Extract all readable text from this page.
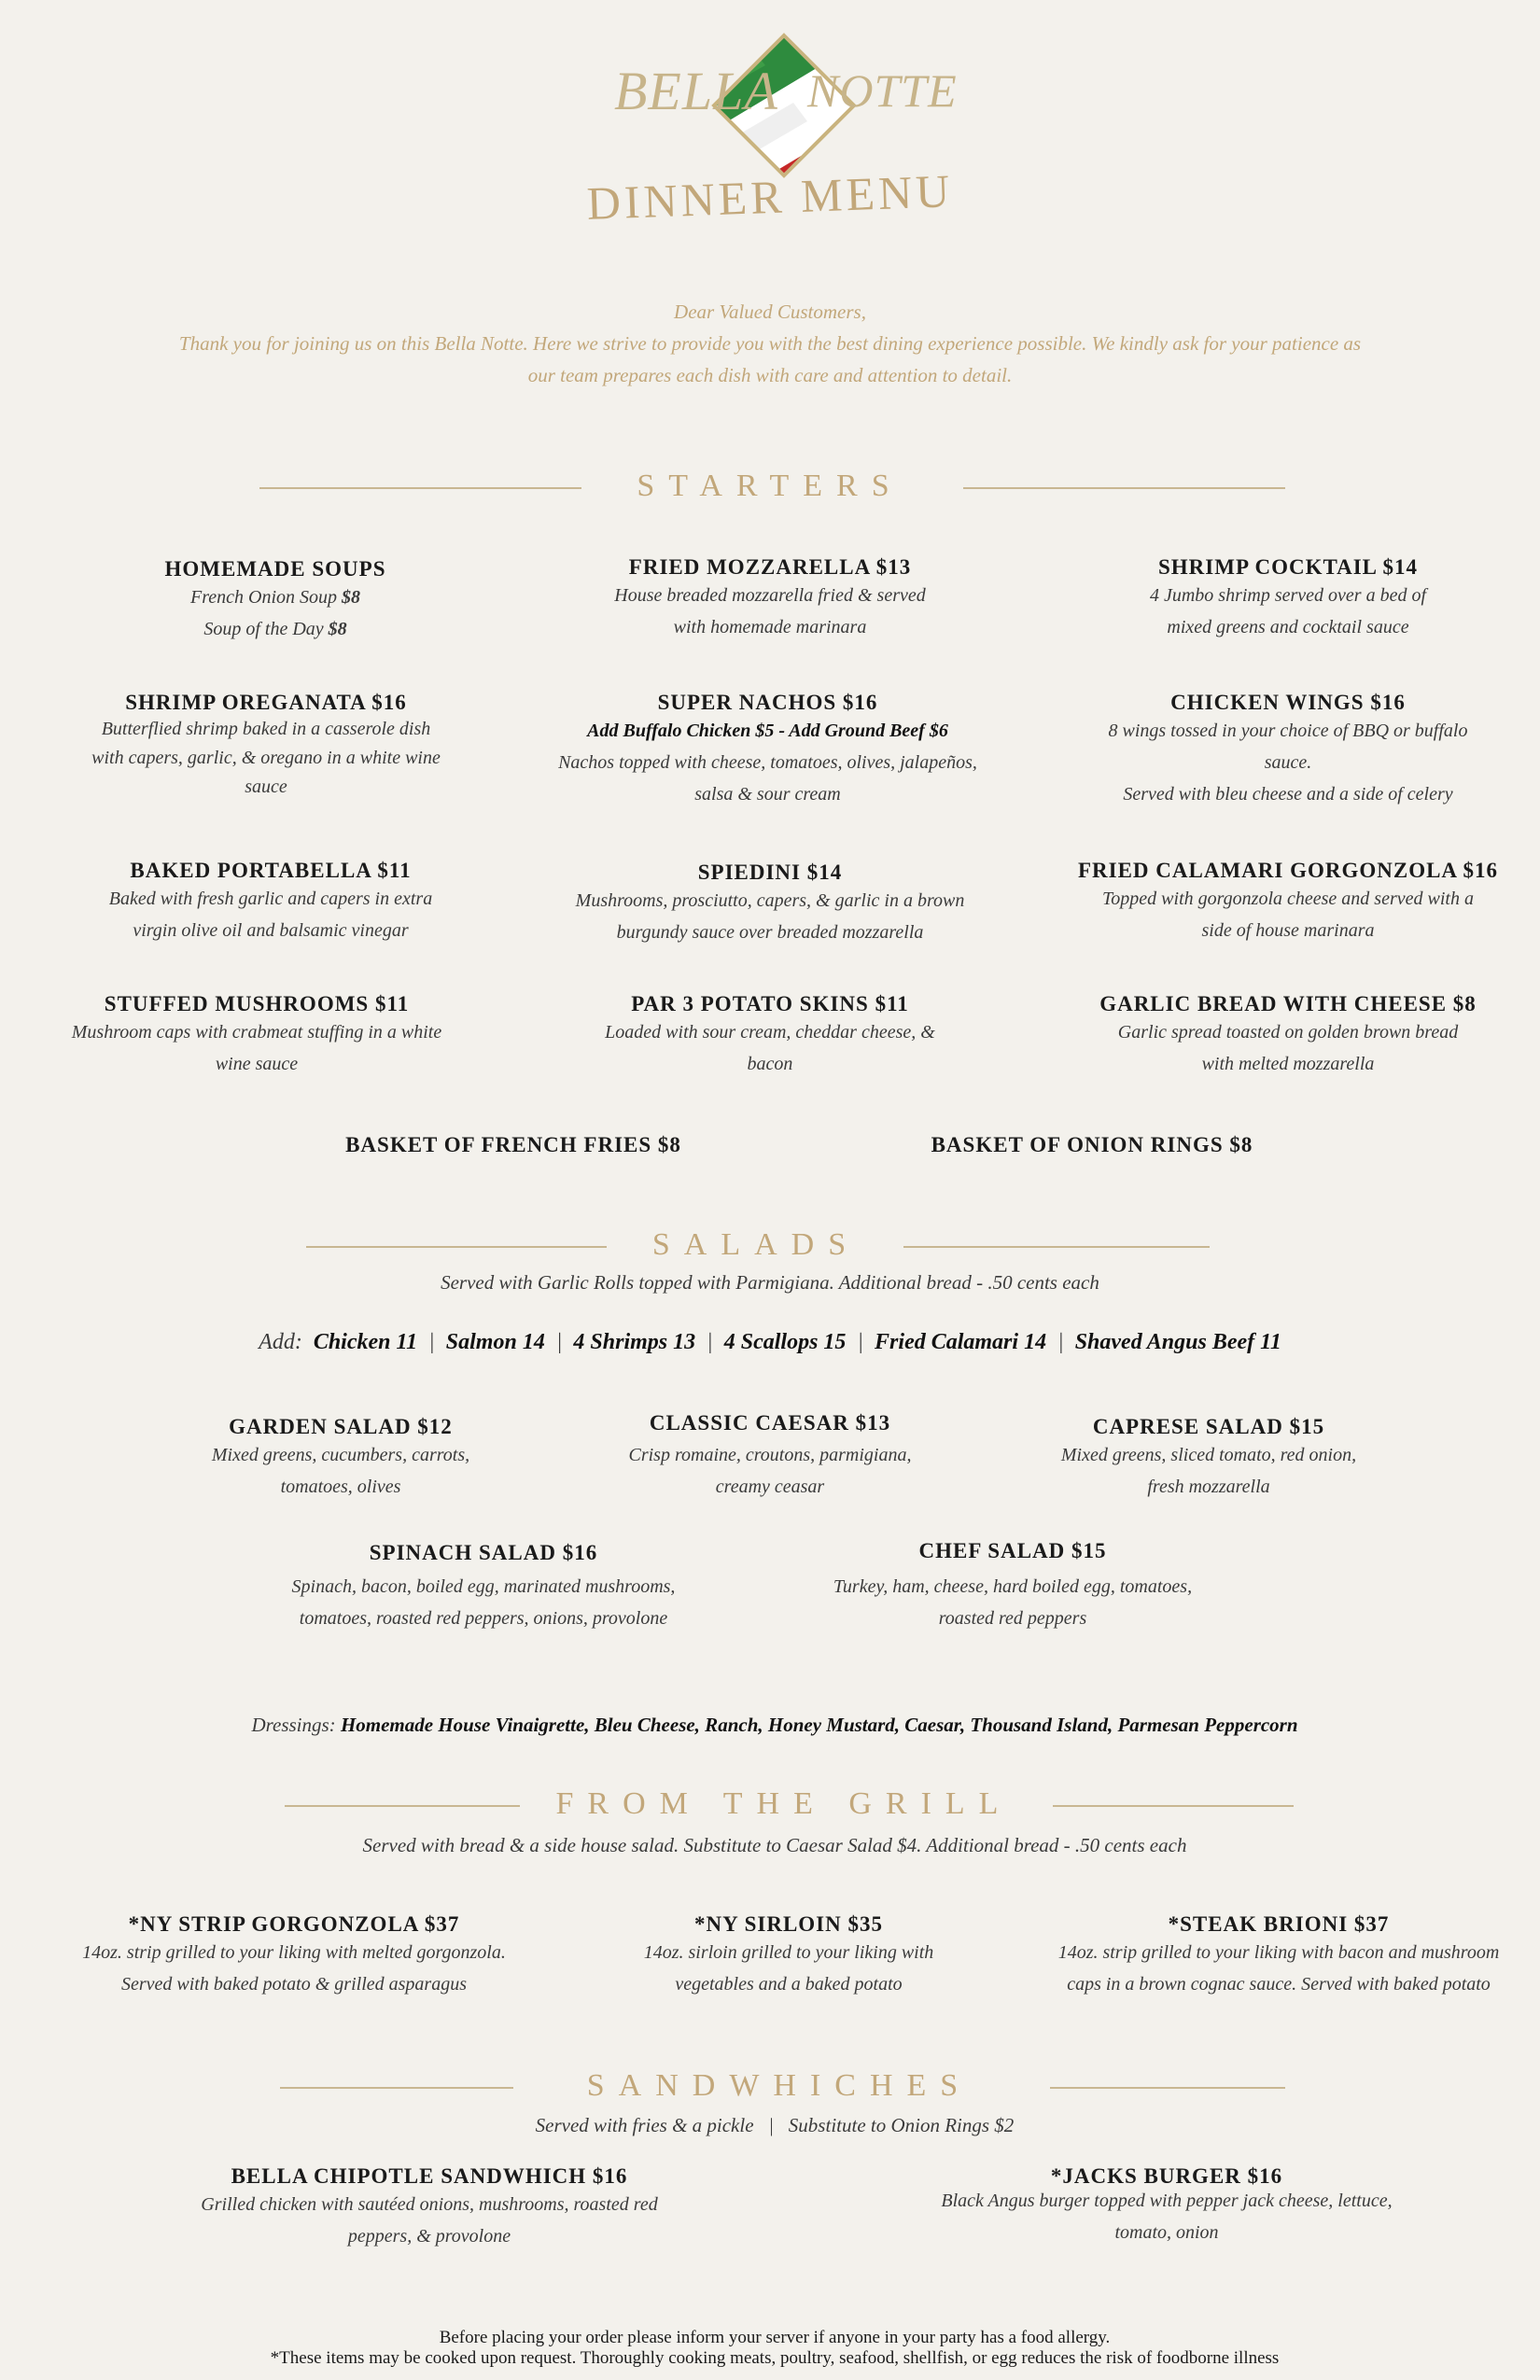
BELLA NOTTE
DINNER MENU
Dear Valued Customers,
Thank you for joining us on this Bella Notte. Here we strive to provide you with the best dining experience possible. We kindly ask for your patience as
our team prepares each dish with care and attention to detail.
STARTERS
HOMEMADE SOUPS
French Onion Soup $8
Soup of the Day $8
FRIED MOZZARELLA $13
House breaded mozzarella fried & served
with homemade marinara
SHRIMP COCKTAIL $14
4 Jumbo shrimp served over a bed of
mixed greens and cocktail sauce
SHRIMP OREGANATA $16
Butterflied shrimp baked in a casserole dish
with capers, garlic, & oregano in a white wine
sauce
SUPER NACHOS $16
Add Buffalo Chicken $5 - Add Ground Beef $6
Nachos topped with cheese, tomatoes, olives, jalapeños,
salsa & sour cream
CHICKEN WINGS $16
8 wings tossed in your choice of BBQ or buffalo
sauce.
Served with bleu cheese and a side of celery
BAKED PORTABELLA $11
Baked with fresh garlic and capers in extra
virgin olive oil and balsamic vinegar
SPIEDINI $14
Mushrooms, prosciutto, capers, & garlic in a brown
burgundy sauce over breaded mozzarella
FRIED CALAMARI GORGONZOLA $16
Topped with gorgonzola cheese and served with a
side of house marinara
STUFFED MUSHROOMS $11
Mushroom caps with crabmeat stuffing in a white
wine sauce
PAR 3 POTATO SKINS $11
Loaded with sour cream, cheddar cheese, &
bacon
GARLIC BREAD WITH CHEESE $8
Garlic spread toasted on golden brown bread
with melted mozzarella
BASKET OF FRENCH FRIES $8	BASKET OF ONION RINGS $8
SALADS
Served with Garlic Rolls topped with Parmigiana. Additional bread - .50 cents each
Add: Chicken 11  |  Salmon 14  |  4 Shrimps 13  |  4 Scallops 15  |  Fried Calamari 14  |  Shaved Angus Beef 11
GARDEN SALAD $12
Mixed greens, cucumbers, carrots,
tomatoes, olives
CLASSIC CAESAR $13
Crisp romaine, croutons, parmigiana,
creamy ceasar
CAPRESE SALAD $15
Mixed greens, sliced tomato, red onion,
fresh mozzarella
SPINACH SALAD $16
Spinach, bacon, boiled egg, marinated mushrooms,
tomatoes, roasted red peppers, onions, provolone
CHEF SALAD $15
Turkey, ham, cheese, hard boiled egg, tomatoes,
roasted red peppers
Dressings: Homemade House Vinaigrette, Bleu Cheese, Ranch, Honey Mustard, Caesar, Thousand Island, Parmesan Peppercorn
FROM THE GRILL
Served with bread & a side house salad. Substitute to Caesar Salad $4. Additional bread - .50 cents each
*NY STRIP GORGONZOLA $37
14oz. strip grilled to your liking with melted gorgonzola.
Served with baked potato & grilled asparagus
*NY SIRLOIN $35
14oz. sirloin grilled to your liking with
vegetables and a baked potato
*STEAK BRIONI $37
14oz. strip grilled to your liking with bacon and mushroom
caps in a brown cognac sauce. Served with baked potato
SANDWHICHES
Served with fries & a pickle   |   Substitute to Onion Rings $2
BELLA CHIPOTLE SANDWHICH $16
Grilled chicken with sautéed onions, mushrooms, roasted red
peppers, & provolone
*JACKS BURGER $16
Black Angus burger topped with pepper jack cheese, lettuce,
tomato, onion
Before placing your order please inform your server if anyone in your party has a food allergy.
*These items may be cooked upon request. Thoroughly cooking meats, poultry, seafood, shellfish, or egg reduces the risk of foodborne illness
